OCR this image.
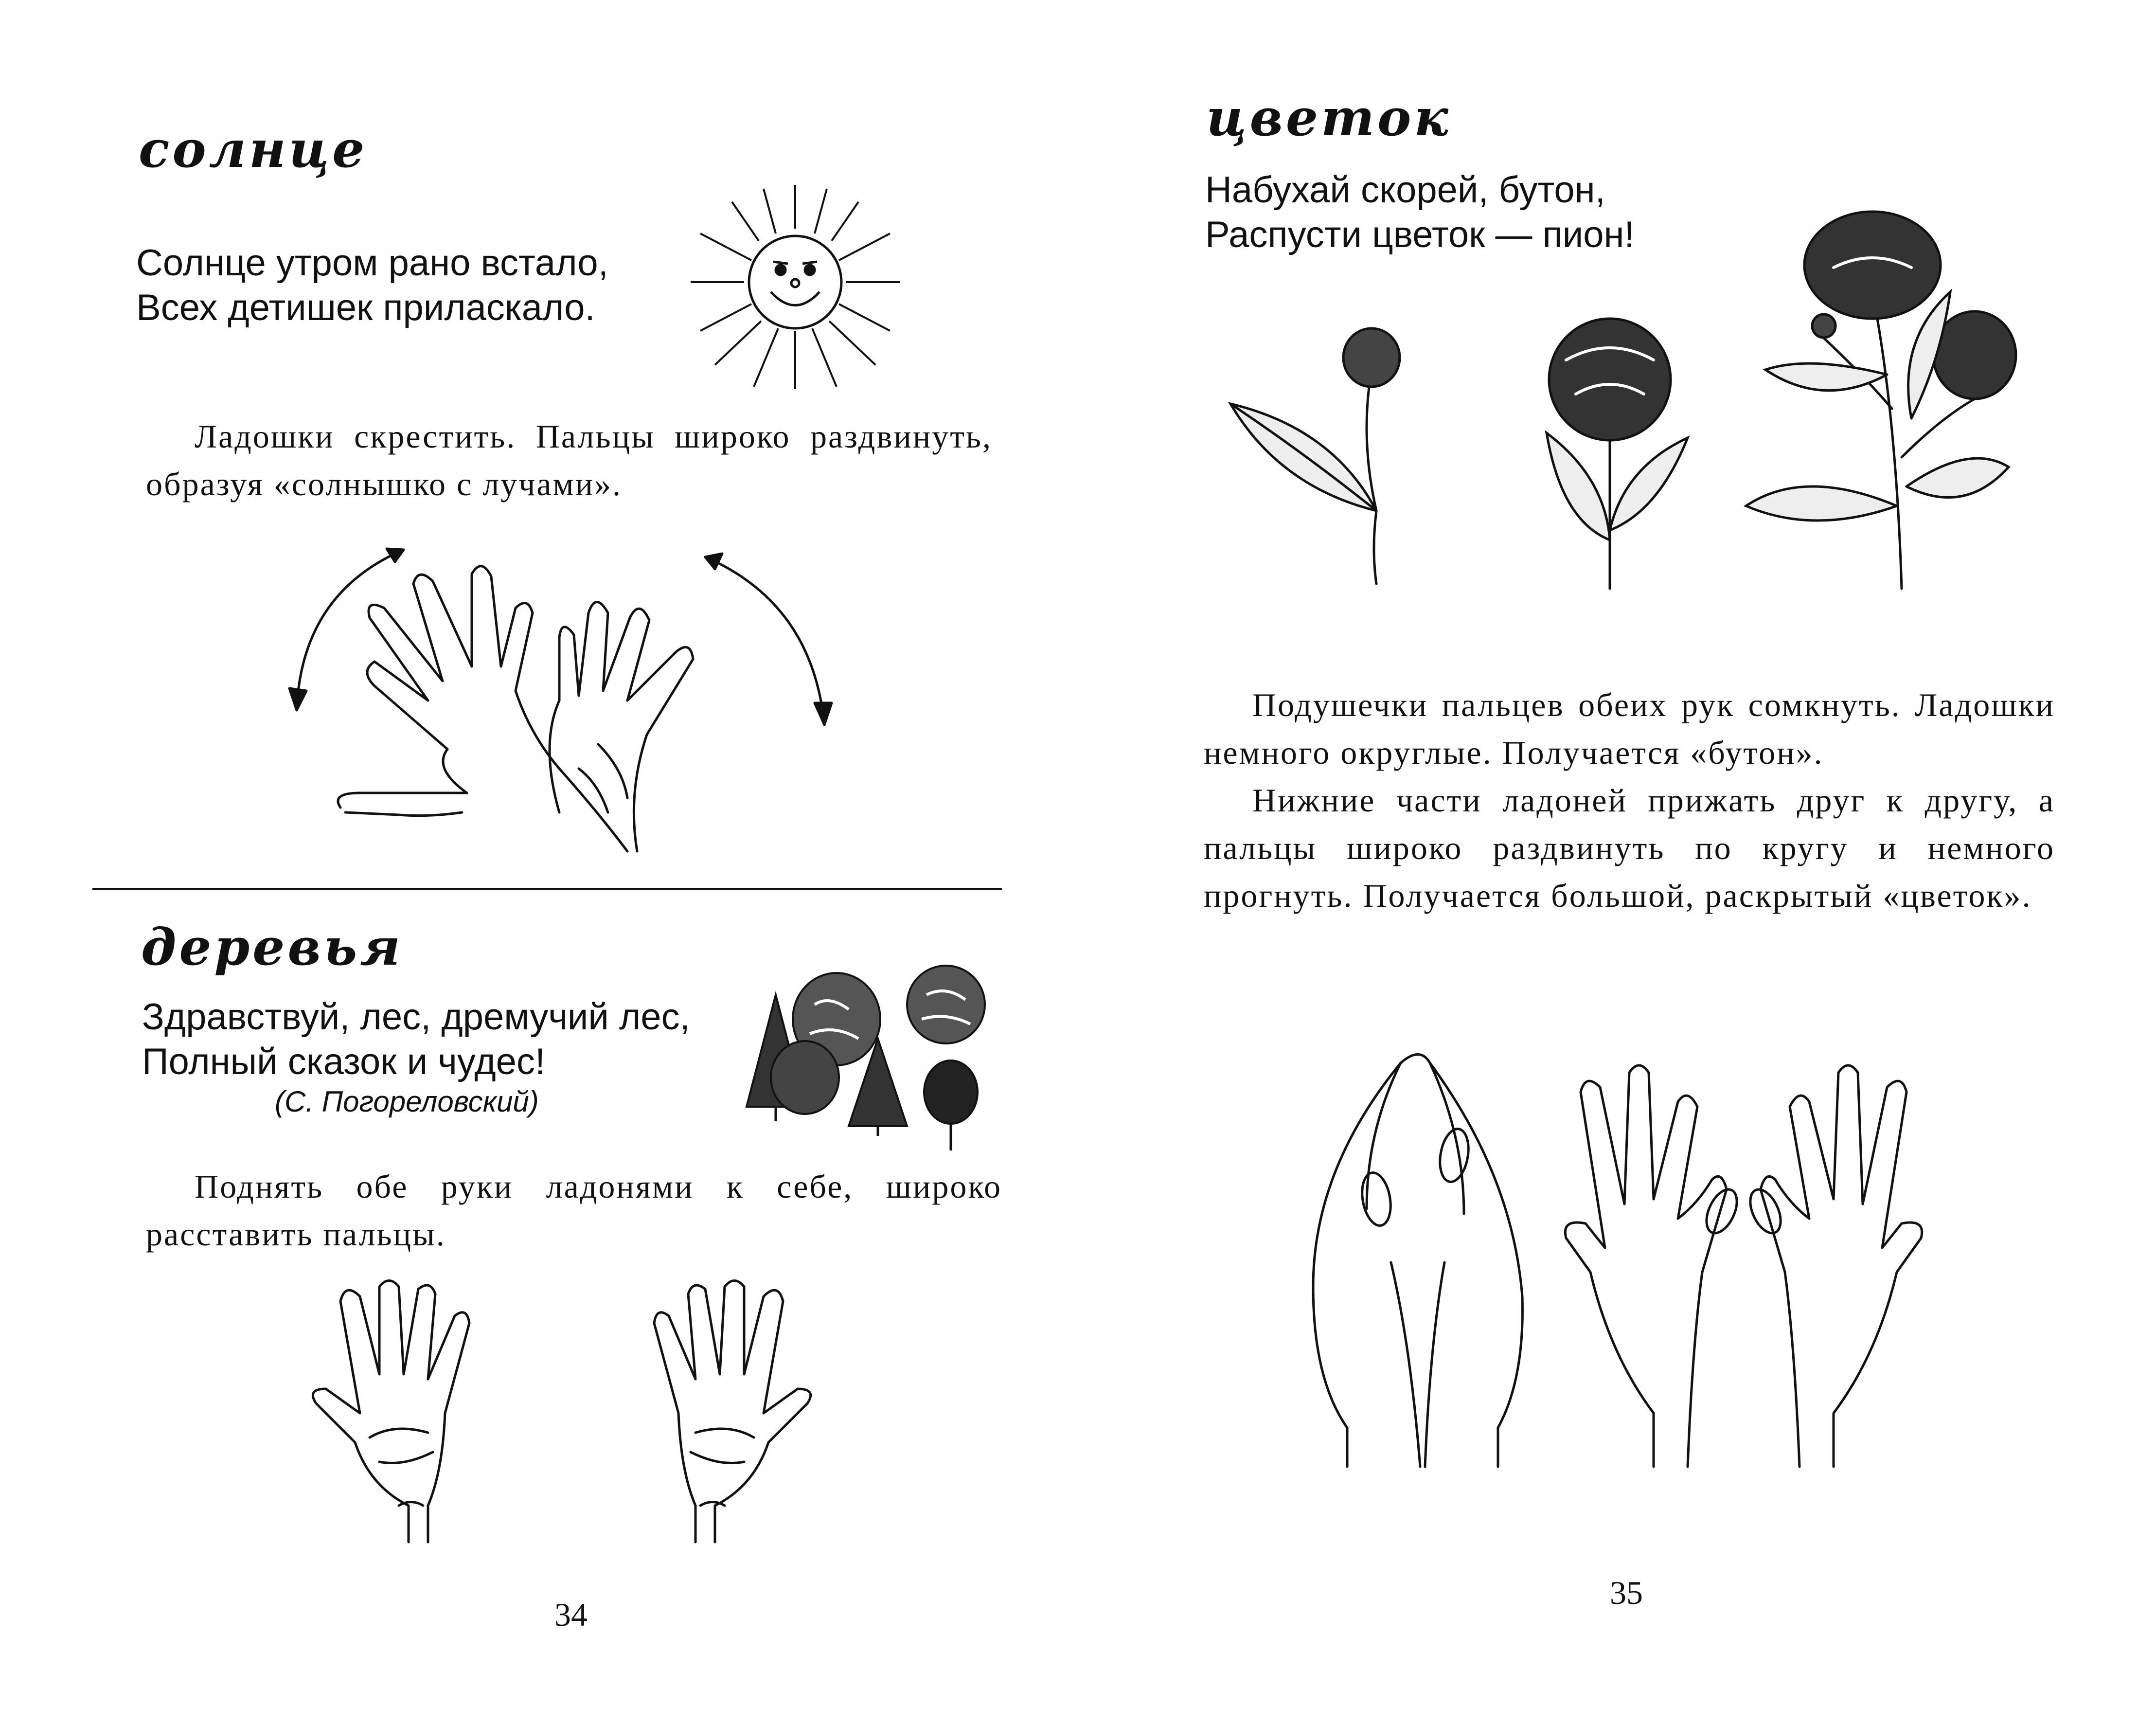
солнце
Солнце утром рано встало,
Всех детишек приласкало.

Ладошки скрестить. Пальцы широко раздвинуть, образуя «солнышко с лучами».

деревья
Здравствуй, лес, дремучий лес,
Полный сказок и чудес!
(С. Погореловский)

Поднять обе руки ладонями к себе, широко расставить пальцы.

34
цветок
Набухай скорей, бутон,
Распусти цветок — пион!

Подушечки пальцев обеих рук сомкнуть. Ладошки немного округлые. Получается «бутон».

Нижние части ладоней прижать друг к другу, а пальцы широко раздвинуть по кругу и немного прогнуть. Получается большой, раскрытый «цветок».

35
